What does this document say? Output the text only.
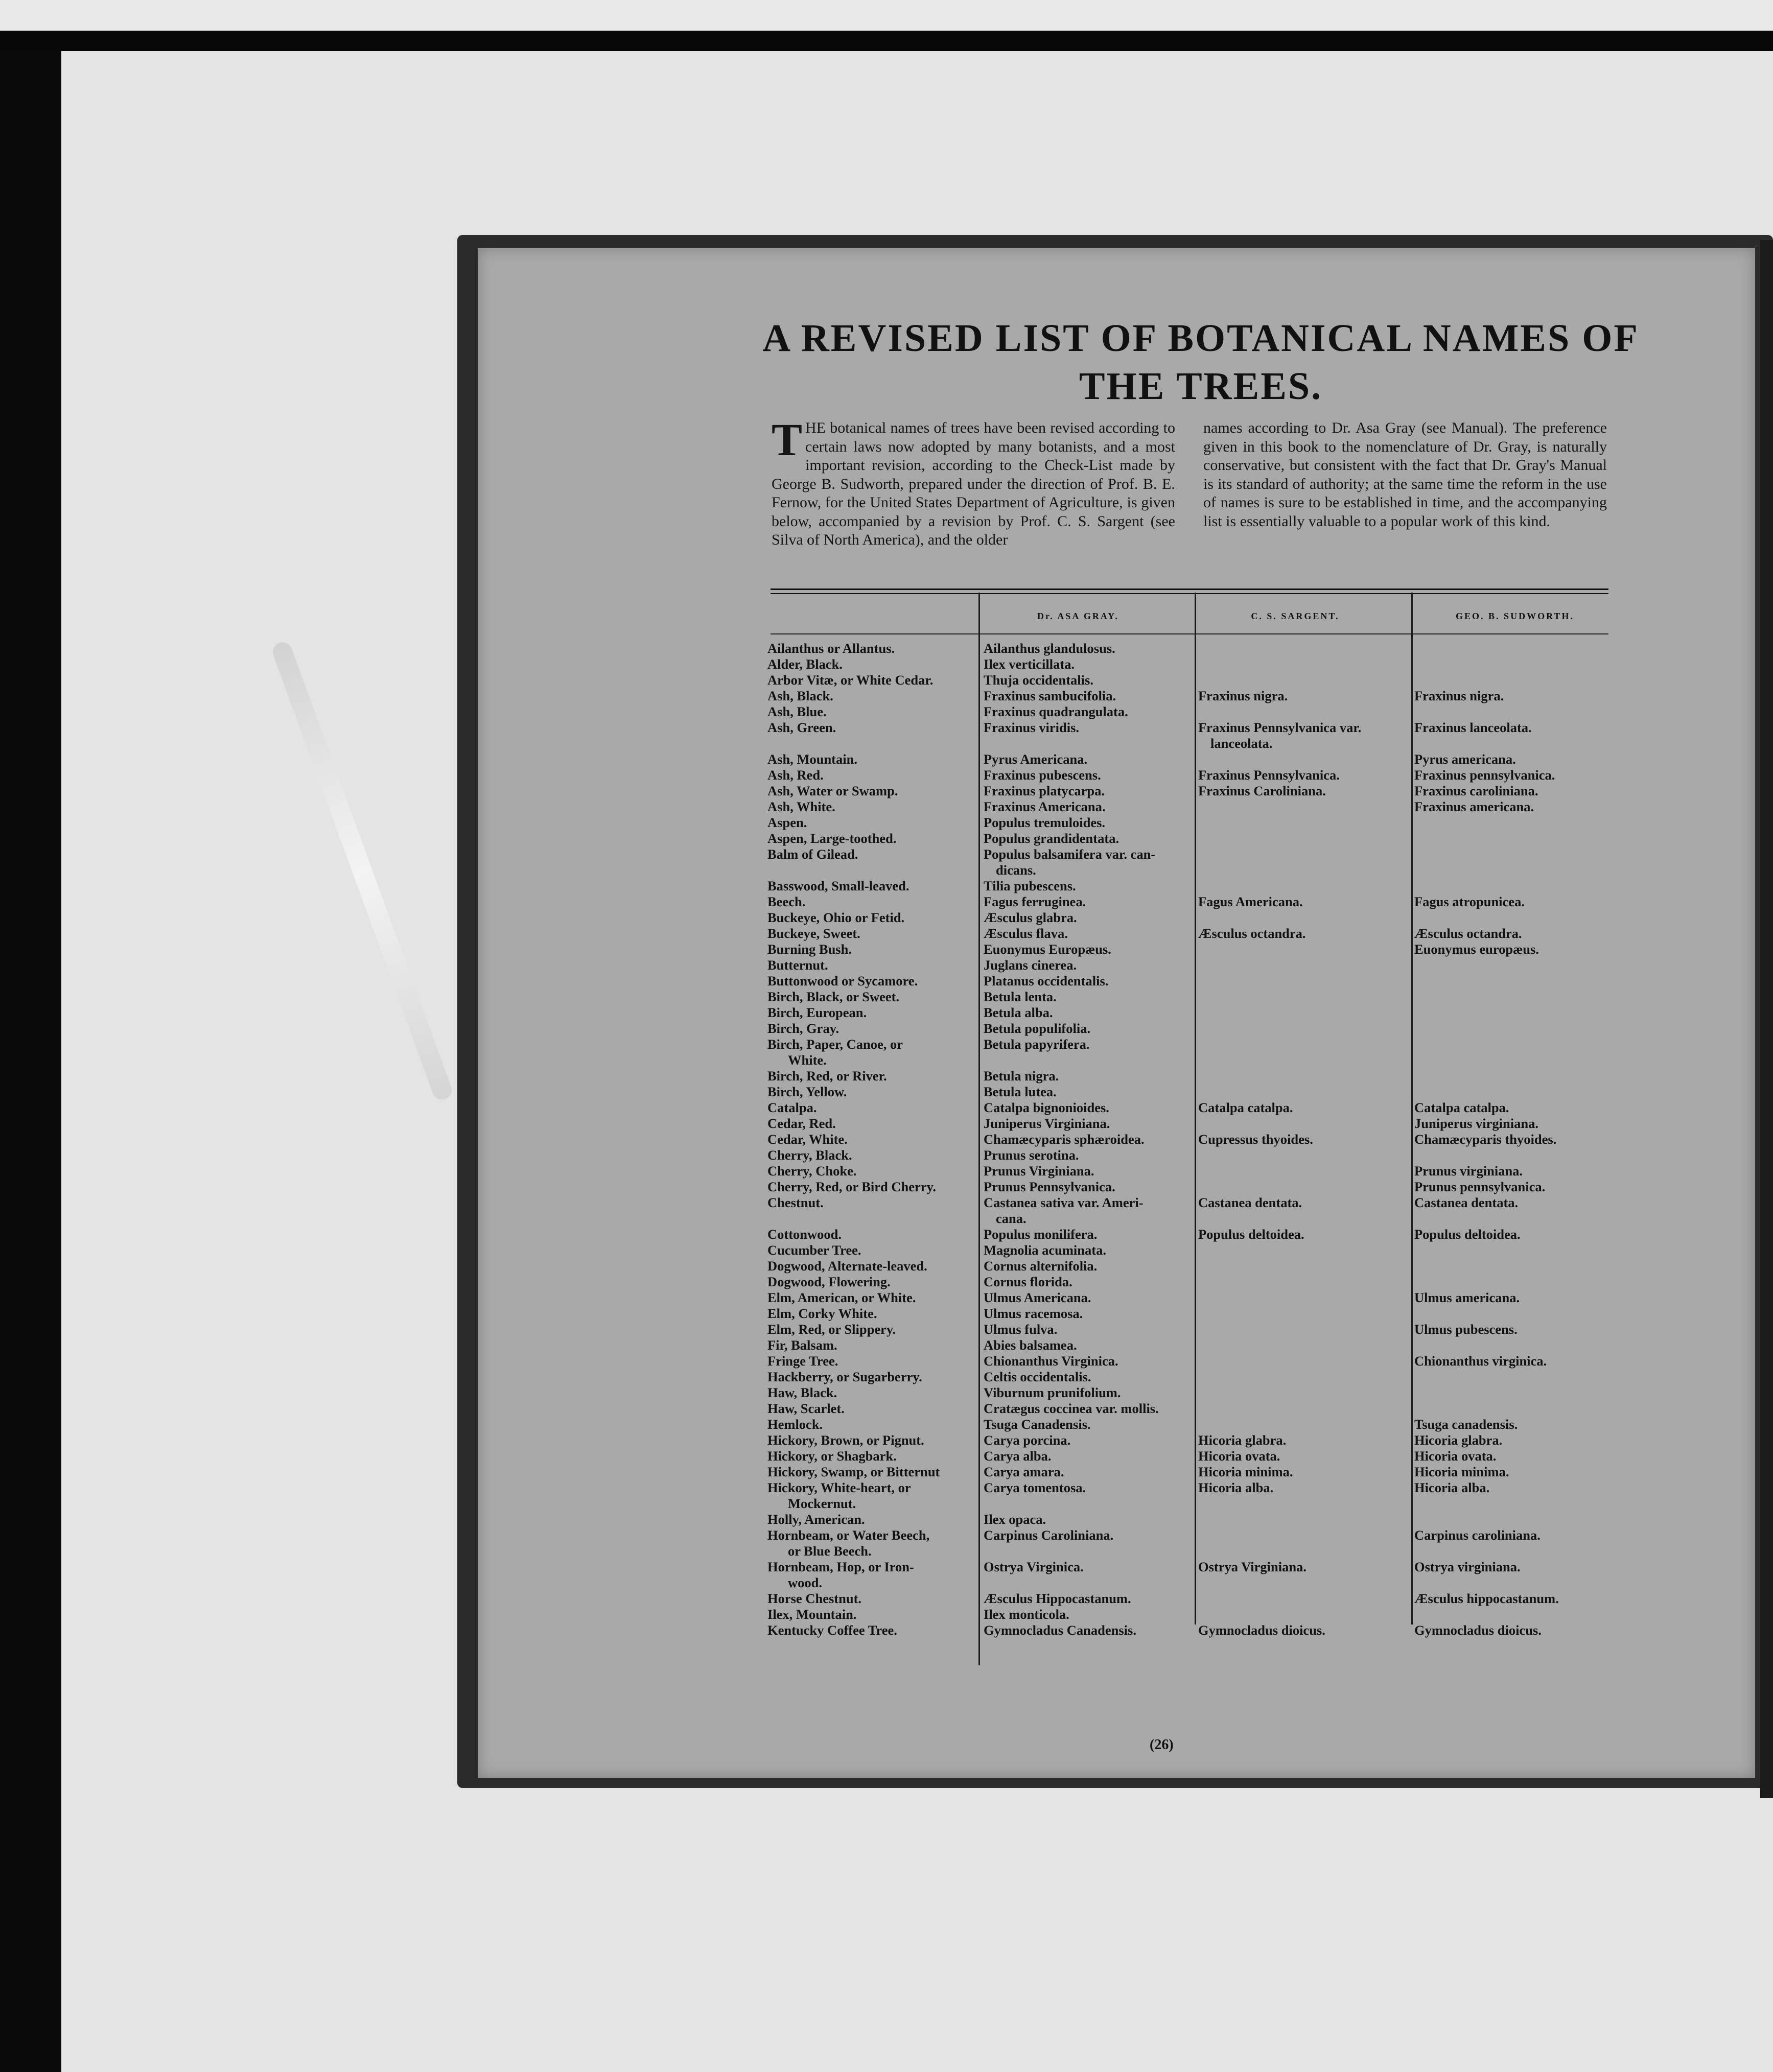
A REVISED LIST OF BOTANICAL NAMES OF THE TREES.

THE botanical names of trees have been revised according to certain laws now adopted by many botanists, and a most important revision, according to the Check-List made by George B. Sudworth, prepared under the direction of Prof. B. E. Fernow, for the United States Department of Agriculture, is given below, accompanied by a revision by Prof. C. S. Sargent (see Silva of North America), and the older

names according to Dr. Asa Gray (see Manual). The preference given in this book to the nomenclature of Dr. Gray, is naturally conservative, but consistent with the fact that Dr. Gray's Manual is its standard of authority; at the same time the reform in the use of names is sure to be established in time, and the accompanying list is essentially valuable to a popular work of this kind.

Dr. ASA GRAY.	C. S. SARGENT.	GEO. B. SUDWORTH.
Ailanthus or Allantus.
Alder, Black.
Arbor Vitæ, or White Cedar.
Ash, Black.
Ash, Blue.
Ash, Green.
Ash, Mountain.
Ash, Red.
Ash, Water or Swamp.
Ash, White.
Aspen.
Aspen, Large-toothed.
Balm of Gilead.
Basswood, Small-leaved.
Beech.
Buckeye, Ohio or Fetid.
Buckeye, Sweet.
Burning Bush.
Butternut.
Buttonwood or Sycamore.
Birch, Black, or Sweet.
Birch, European.
Birch, Gray.
Birch, Paper, Canoe, or
White.
Birch, Red, or River.
Birch, Yellow.
Catalpa.
Cedar, Red.
Cedar, White.
Cherry, Black.
Cherry, Choke.
Cherry, Red, or Bird Cherry.
Chestnut.
Cottonwood.
Cucumber Tree.
Dogwood, Alternate-leaved.
Dogwood, Flowering.
Elm, American, or White.
Elm, Corky White.
Elm, Red, or Slippery.
Fir, Balsam.
Fringe Tree.
Hackberry, or Sugarberry.
Haw, Black.
Haw, Scarlet.
Hemlock.
Hickory, Brown, or Pignut.
Hickory, or Shagbark.
Hickory, Swamp, or Bitternut
Hickory, White-heart, or
Mockernut.
Holly, American.
Hornbeam, or Water Beech,
or Blue Beech.
Hornbeam, Hop, or Iron-
wood.
Horse Chestnut.
Ilex, Mountain.
Kentucky Coffee Tree.
Ailanthus glandulosus.
Ilex verticillata.
Thuja occidentalis.
Fraxinus sambucifolia.
Fraxinus quadrangulata.
Fraxinus viridis.
Pyrus Americana.
Fraxinus pubescens.
Fraxinus platycarpa.
Fraxinus Americana.
Populus tremuloides.
Populus grandidentata.
Populus balsamifera var. can-
dicans.
Tilia pubescens.
Fagus ferruginea.
Æsculus glabra.
Æsculus flava.
Euonymus Europæus.
Juglans cinerea.
Platanus occidentalis.
Betula lenta.
Betula alba.
Betula populifolia.
Betula papyrifera.
Betula nigra.
Betula lutea.
Catalpa bignonioides.
Juniperus Virginiana.
Chamæcyparis sphæroidea.
Prunus serotina.
Prunus Virginiana.
Prunus Pennsylvanica.
Castanea sativa var. Ameri-
cana.
Populus monilifera.
Magnolia acuminata.
Cornus alternifolia.
Cornus florida.
Ulmus Americana.
Ulmus racemosa.
Ulmus fulva.
Abies balsamea.
Chionanthus Virginica.
Celtis occidentalis.
Viburnum prunifolium.
Cratægus coccinea var. mollis.
Tsuga Canadensis.
Carya porcina.
Carya alba.
Carya amara.
Carya tomentosa.
Ilex opaca.
Carpinus Caroliniana.
Ostrya Virginica.
Æsculus Hippocastanum.
Ilex monticola.
Gymnocladus Canadensis.
Fraxinus nigra.
Fraxinus Pennsylvanica var.
lanceolata.
Fraxinus Pennsylvanica.
Fraxinus Caroliniana.
Fagus Americana.
Æsculus octandra.
Catalpa catalpa.
Cupressus thyoides.
Castanea dentata.
Populus deltoidea.
Hicoria glabra.
Hicoria ovata.
Hicoria minima.
Hicoria alba.
Ostrya Virginiana.
Gymnocladus dioicus.
Fraxinus nigra.
Fraxinus lanceolata.
Pyrus americana.
Fraxinus pennsylvanica.
Fraxinus caroliniana.
Fraxinus americana.
Fagus atropunicea.
Æsculus octandra.
Euonymus europæus.
Catalpa catalpa.
Juniperus virginiana.
Chamæcyparis thyoides.
Prunus virginiana.
Prunus pennsylvanica.
Castanea dentata.
Populus deltoidea.
Ulmus americana.
Ulmus pubescens.
Chionanthus virginica.
Tsuga canadensis.
Hicoria glabra.
Hicoria ovata.
Hicoria minima.
Hicoria alba.
Carpinus caroliniana.
Ostrya virginiana.
Æsculus hippocastanum.
Gymnocladus dioicus.
(26)
